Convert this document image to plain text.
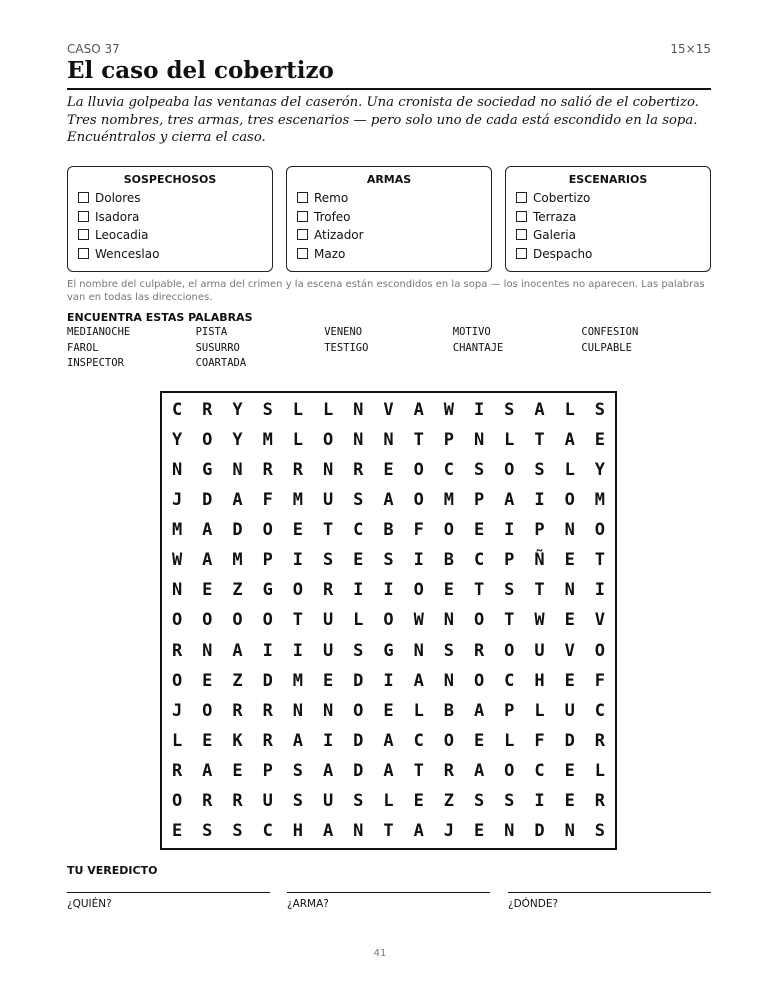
CASO 37	15×15
El caso del cobertizo
La lluvia golpeaba las ventanas del caserón. Una cronista de sociedad no salió de el cobertizo. Tres nombres, tres armas, tres escenarios — pero solo uno de cada está escondido en la sopa. Encuéntralos y cierra el caso.
SOSPECHOSOS
Dolores
Isadora
Leocadia
Wenceslao
ARMAS
Remo
Trofeo
Atizador
Mazo
ESCENARIOS
Cobertizo
Terraza
Galeria
Despacho
El nombre del culpable, el arma del crimen y la escena están escondidos en la sopa — los inocentes no aparecen. Las palabras van en todas las direcciones.
ENCUENTRA ESTAS PALABRAS
MEDIANOCHE	PISTA	VENENO	MOTIVO	CONFESION
FAROL	SUSURRO	TESTIGO	CHANTAJE	CULPABLE
INSPECTOR	COARTADA
C	R	Y	S	L	L	N	V	A	W	I	S	A	L	S
Y	O	Y	M	L	O	N	N	T	P	N	L	T	A	E
N	G	N	R	R	N	R	E	O	C	S	O	S	L	Y
J	D	A	F	M	U	S	A	O	M	P	A	I	O	M
M	A	D	O	E	T	C	B	F	O	E	I	P	N	O
W	A	M	P	I	S	E	S	I	B	C	P	Ñ	E	T
N	E	Z	G	O	R	I	I	O	E	T	S	T	N	I
O	O	O	O	T	U	L	O	W	N	O	T	W	E	V
R	N	A	I	I	U	S	G	N	S	R	O	U	V	O
O	E	Z	D	M	E	D	I	A	N	O	C	H	E	F
J	O	R	R	N	N	O	E	L	B	A	P	L	U	C
L	E	K	R	A	I	D	A	C	O	E	L	F	D	R
R	A	E	P	S	A	D	A	T	R	A	O	C	E	L
O	R	R	U	S	U	S	L	E	Z	S	S	I	E	R
E	S	S	C	H	A	N	T	A	J	E	N	D	N	S
TU VEREDICTO
¿QUIÉN?	¿ARMA?	¿DÓNDE?
41
